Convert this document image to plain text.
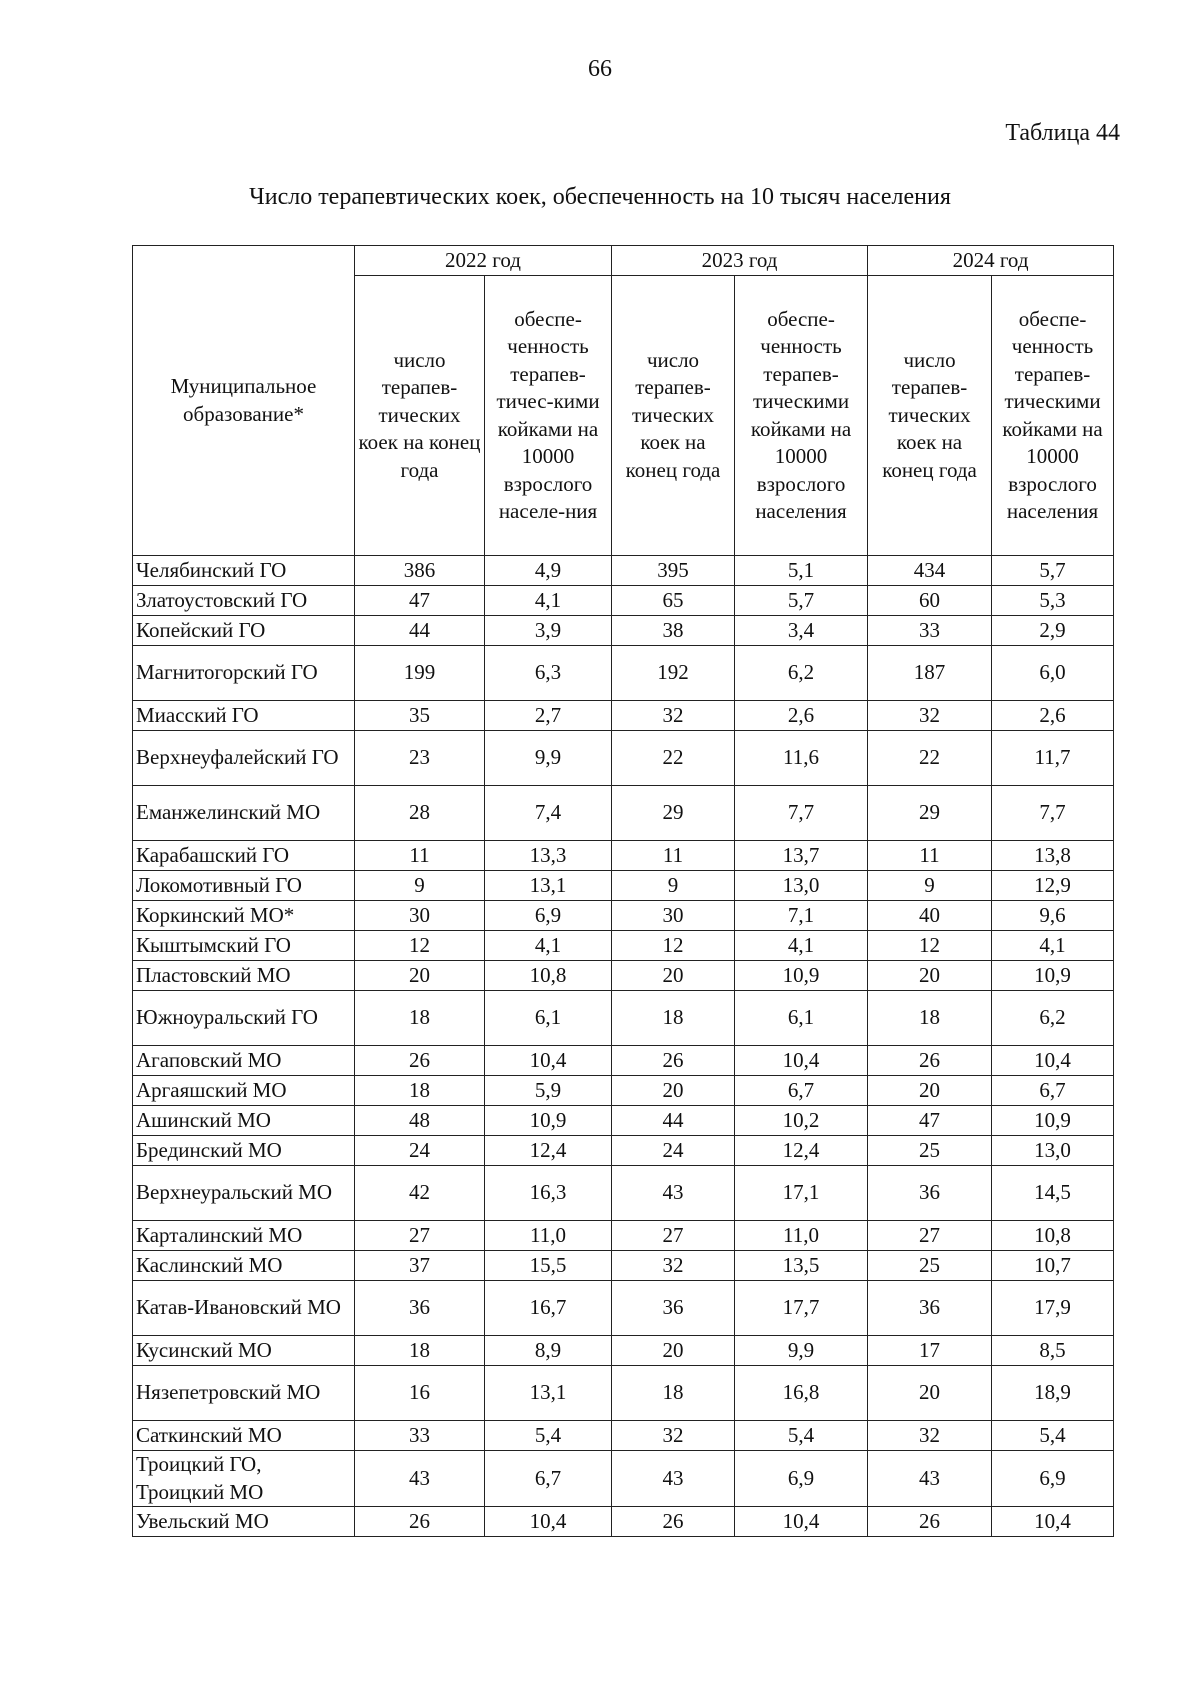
66
Таблица 44
Число терапевтических коек, обеспеченность на 10 тысяч населения
Муниципальное образование*	2022 год		2023 год		2024 год	
	число терапев-тических коек на конец года	обеспе-ченность терапев-тичес-кими койками на 10000 взрослого населе-ния	число терапев-тических коек на конец года	обеспе-ченность терапев-тическими койками на 10000 взрослого населения	число терапев-тических коек на конец года	обеспе-ченность терапев-тическими койками на 10000 взрослого населения
Челябинский ГО	386	4,9	395	5,1	434	5,7
Златоустовский ГО	47	4,1	65	5,7	60	5,3
Копейский ГО	44	3,9	38	3,4	33	2,9
Магнитогорский ГО	199	6,3	192	6,2	187	6,0
Миасский ГО	35	2,7	32	2,6	32	2,6
Верхнеуфалейский ГО	23	9,9	22	11,6	22	11,7
Еманжелинский МО	28	7,4	29	7,7	29	7,7
Карабашский ГО	11	13,3	11	13,7	11	13,8
Локомотивный ГО	9	13,1	9	13,0	9	12,9
Коркинский МО*	30	6,9	30	7,1	40	9,6
Кыштымский ГО	12	4,1	12	4,1	12	4,1
Пластовский МО	20	10,8	20	10,9	20	10,9
Южноуральский ГО	18	6,1	18	6,1	18	6,2
Агаповский МО	26	10,4	26	10,4	26	10,4
Аргаяшский МО	18	5,9	20	6,7	20	6,7
Ашинский МО	48	10,9	44	10,2	47	10,9
Брединский МО	24	12,4	24	12,4	25	13,0
Верхнеуральский МО	42	16,3	43	17,1	36	14,5
Карталинский МО	27	11,0	27	11,0	27	10,8
Каслинский МО	37	15,5	32	13,5	25	10,7
Катав-Ивановский МО	36	16,7	36	17,7	36	17,9
Кусинский МО	18	8,9	20	9,9	17	8,5
Нязепетровский МО	16	13,1	18	16,8	20	18,9
Саткинский МО	33	5,4	32	5,4	32	5,4
Троицкий ГО, Троицкий МО	43	6,7	43	6,9	43	6,9
Увельский МО	26	10,4	26	10,4	26	10,4
